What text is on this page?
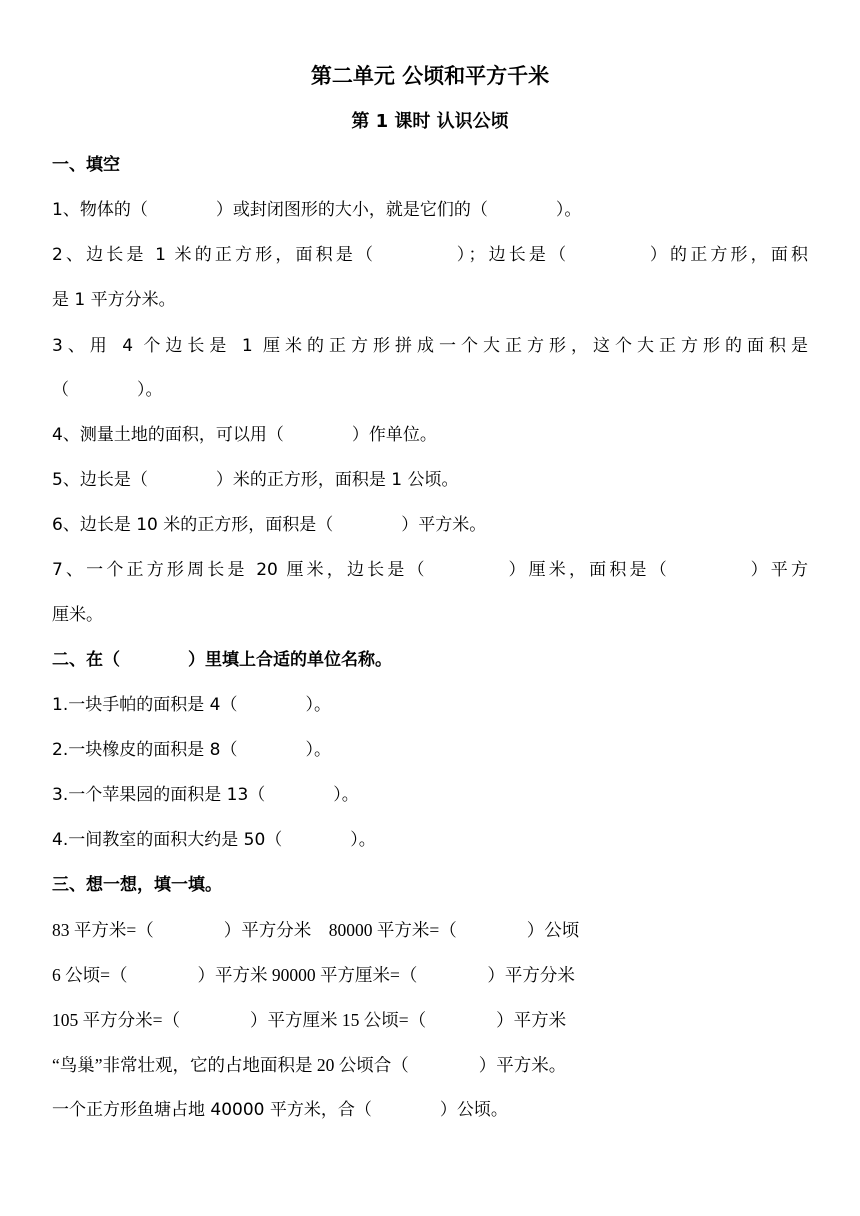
第二单元 公顷和平方千米
第 1 课时 认识公顷
一、填空
1、物体的（　　　　）或封闭图形的大小，就是它们的（　　　　）。
2、边长是 1 米的正方形，面积是（　　　　）；边长是（　　　　）的正方形，面积
是 1 平方分米。
3、用 4 个边长是 1 厘米的正方形拼成一个大正方形，这个大正方形的面积是
（　　　　）。
4、测量土地的面积，可以用（　　　　）作单位。
5、边长是（　　　　）米的正方形，面积是 1 公顷。
6、边长是 10 米的正方形，面积是（　　　　）平方米。
7、一个正方形周长是 20 厘米，边长是（　　　　）厘米，面积是（　　　　）平方
厘米。
二、在（　　　　）里填上合适的单位名称。
1.一块手帕的面积是 4（　　　　）。
2.一块橡皮的面积是 8（　　　　）。
3.一个苹果园的面积是 13（　　　　）。
4.一间教室的面积大约是 50（　　　　）。
三、想一想，填一填。
83 平方米=（　　　　）平方分米　80000 平方米=（　　　　）公顷
6 公顷=（　　　　）平方米 90000 平方厘米=（　　　　）平方分米
105 平方分米=（　　　　）平方厘米 15 公顷=（　　　　）平方米
“鸟巢”非常壮观，它的占地面积是 20 公顷合（　　　　）平方米。
一个正方形鱼塘占地 40000 平方米，合（　　　　）公顷。
